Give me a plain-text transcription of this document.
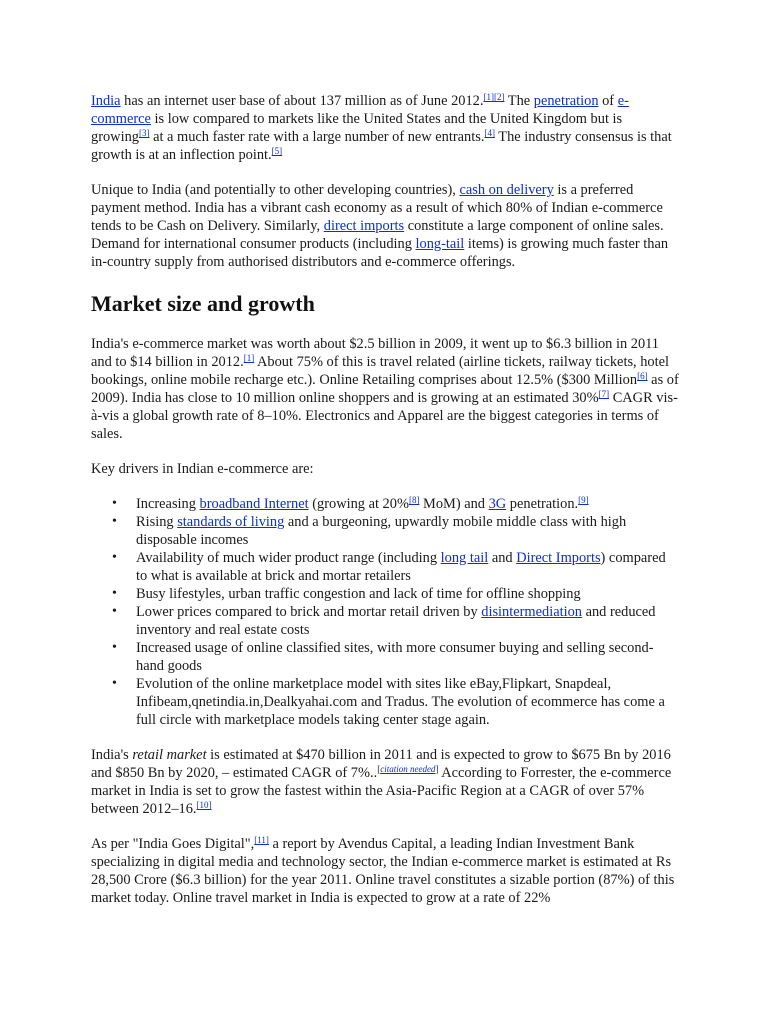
India has an internet user base of about 137 million as of June 2012.[1][2] The penetration of e-commerce is low compared to markets like the United States and the United Kingdom but is growing[3] at a much faster rate with a large number of new entrants.[4] The industry consensus is that growth is at an inflection point.[5]

Unique to India (and potentially to other developing countries), cash on delivery is a preferred payment method. India has a vibrant cash economy as a result of which 80% of Indian e-commerce tends to be Cash on Delivery. Similarly, direct imports constitute a large component of online sales. Demand for international consumer products (including long-tail items) is growing much faster than in-country supply from authorised distributors and e-commerce offerings.

Market size and growth

India's e-commerce market was worth about $2.5 billion in 2009, it went up to $6.3 billion in 2011 and to $14 billion in 2012.[1] About 75% of this is travel related (airline tickets, railway tickets, hotel bookings, online mobile recharge etc.). Online Retailing comprises about 12.5% ($300 Million[6] as of 2009). India has close to 10 million online shoppers and is growing at an estimated 30%[7] CAGR vis-à-vis a global growth rate of 8–10%. Electronics and Apparel are the biggest categories in terms of sales.

Key drivers in Indian e-commerce are:

• Increasing broadband Internet (growing at 20%[8] MoM) and 3G penetration.[9]
• Rising standards of living and a burgeoning, upwardly mobile middle class with high disposable incomes
• Availability of much wider product range (including long tail and Direct Imports) compared to what is available at brick and mortar retailers
• Busy lifestyles, urban traffic congestion and lack of time for offline shopping
• Lower prices compared to brick and mortar retail driven by disintermediation and reduced inventory and real estate costs
• Increased usage of online classified sites, with more consumer buying and selling second-hand goods
• Evolution of the online marketplace model with sites like eBay,Flipkart, Snapdeal, Infibeam,qnetindia.in,Dealkyahai.com and Tradus. The evolution of ecommerce has come a full circle with marketplace models taking center stage again.

India's retail market is estimated at $470 billion in 2011 and is expected to grow to $675 Bn by 2016 and $850 Bn by 2020, – estimated CAGR of 7%..[citation needed] According to Forrester, the e-commerce market in India is set to grow the fastest within the Asia-Pacific Region at a CAGR of over 57% between 2012–16.[10]

As per "India Goes Digital",[11] a report by Avendus Capital, a leading Indian Investment Bank specializing in digital media and technology sector, the Indian e-commerce market is estimated at Rs 28,500 Crore ($6.3 billion) for the year 2011. Online travel constitutes a sizable portion (87%) of this market today. Online travel market in India is expected to grow at a rate of 22%
